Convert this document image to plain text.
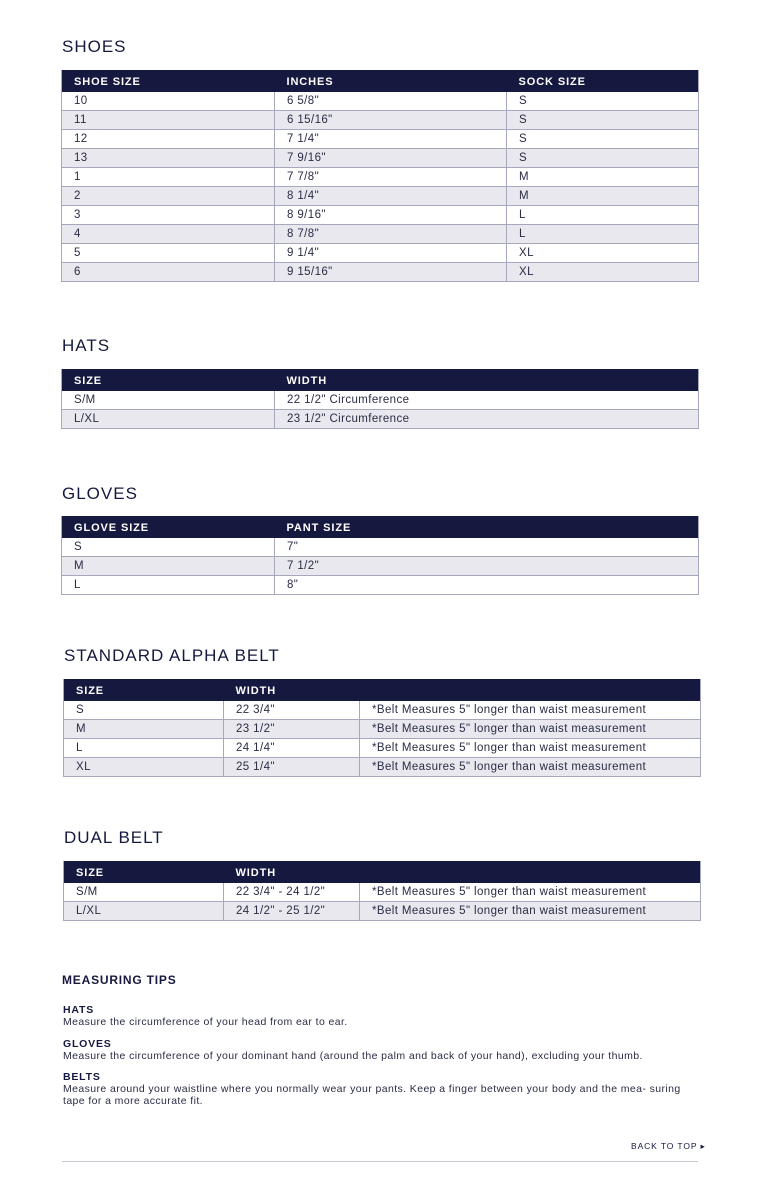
SHOES
SHOE SIZE	INCHES	SOCK SIZE
10	6 5/8"	S
11	6 15/16"	S
12	7 1/4"	S
13	7 9/16"	S
1	7 7/8"	M
2	8 1/4"	M
3	8 9/16"	L
4	8 7/8"	L
5	9 1/4"	XL
6	9 15/16"	XL
HATS
SIZE	WIDTH
S/M	22 1/2" Circumference
L/XL	23 1/2" Circumference
GLOVES
GLOVE SIZE	PANT SIZE
S	7"
M	7 1/2"
L	8"
STANDARD ALPHA BELT
SIZE	WIDTH	
S	22 3/4"	*Belt Measures 5" longer than waist measurement
M	23 1/2"	*Belt Measures 5" longer than waist measurement
L	24 1/4"	*Belt Measures 5" longer than waist measurement
XL	25 1/4"	*Belt Measures 5" longer than waist measurement
DUAL BELT
SIZE	WIDTH	
S/M	22 3/4" - 24 1/2"	*Belt Measures 5" longer than waist measurement
L/XL	24 1/2" - 25 1/2"	*Belt Measures 5" longer than waist measurement
MEASURING TIPS
HATS
Measure the circumference of your head from ear to ear.
GLOVES
Measure the circumference of your dominant hand (around the palm and back of your hand), excluding your thumb.
BELTS
Measure around your waistline where you normally wear your pants. Keep a finger between your body and the mea- suring tape for a more accurate fit.
BACK TO TOP ▸
